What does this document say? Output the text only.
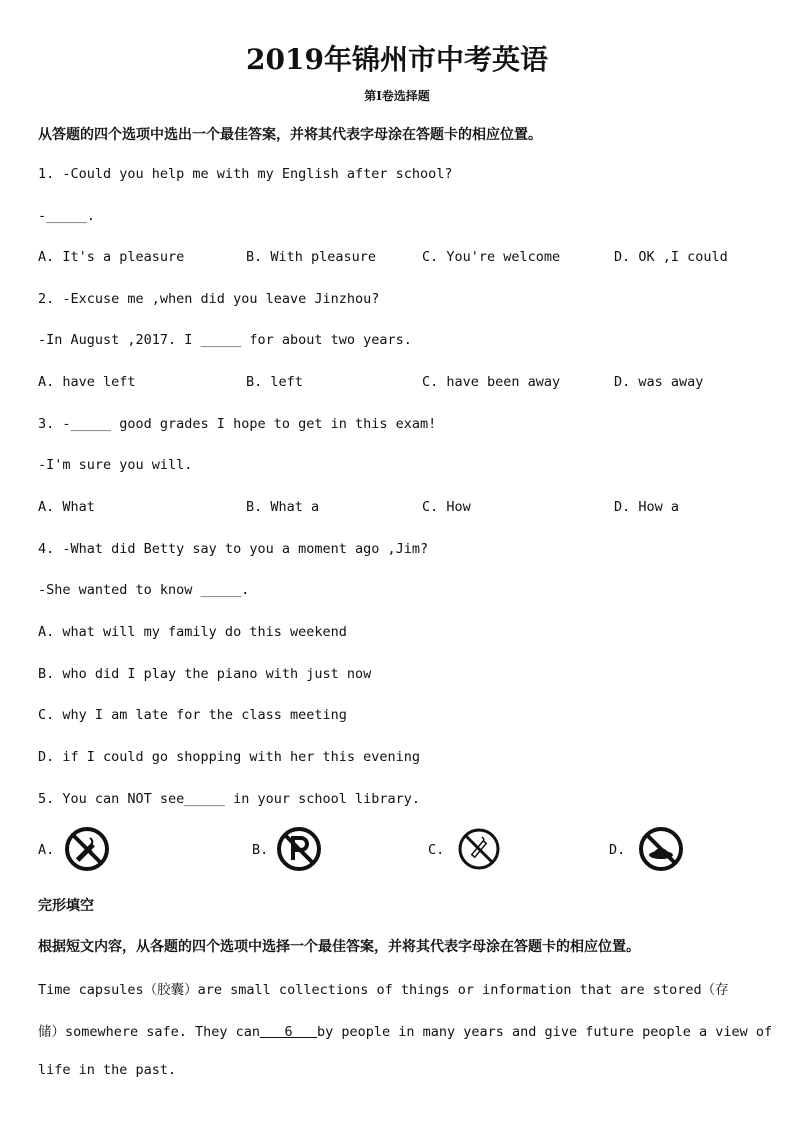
2019年锦州市中考英语
第Ⅰ卷选择题
从答题的四个选项中选出一个最佳答案，并将其代表字母涂在答题卡的相应位置。
1. -Could you help me with my English after school?
-_____.
A. It's a pleasure	B. With pleasure	C. You're welcome	D. OK ,I could
2. -Excuse me ,when did you leave Jinzhou?
-In August ,2017. I _____ for about two years.
A. have left	B. left	C. have been away	D. was away
3. -_____ good grades I hope to get in this exam!
-I'm sure you will.
A. What	B. What a	C. How	D. How a
4. -What did Betty say to you a moment ago ,Jim?
-She wanted to know _____.
A. what will my family do this weekend
B. who did I play the piano with just now
C. why I am late for the class meeting
D. if I could go shopping with her this evening
5. You can NOT see_____ in your school library.
A.	B.	C.	D.
完形填空
根据短文内容，从各题的四个选项中选择一个最佳答案，并将其代表字母涂在答题卡的相应位置。
Time capsules（胶囊）are small collections of things or information that are stored（存
储）somewhere safe. They can   6   by people in many years and give future people a view of
life in the past.
